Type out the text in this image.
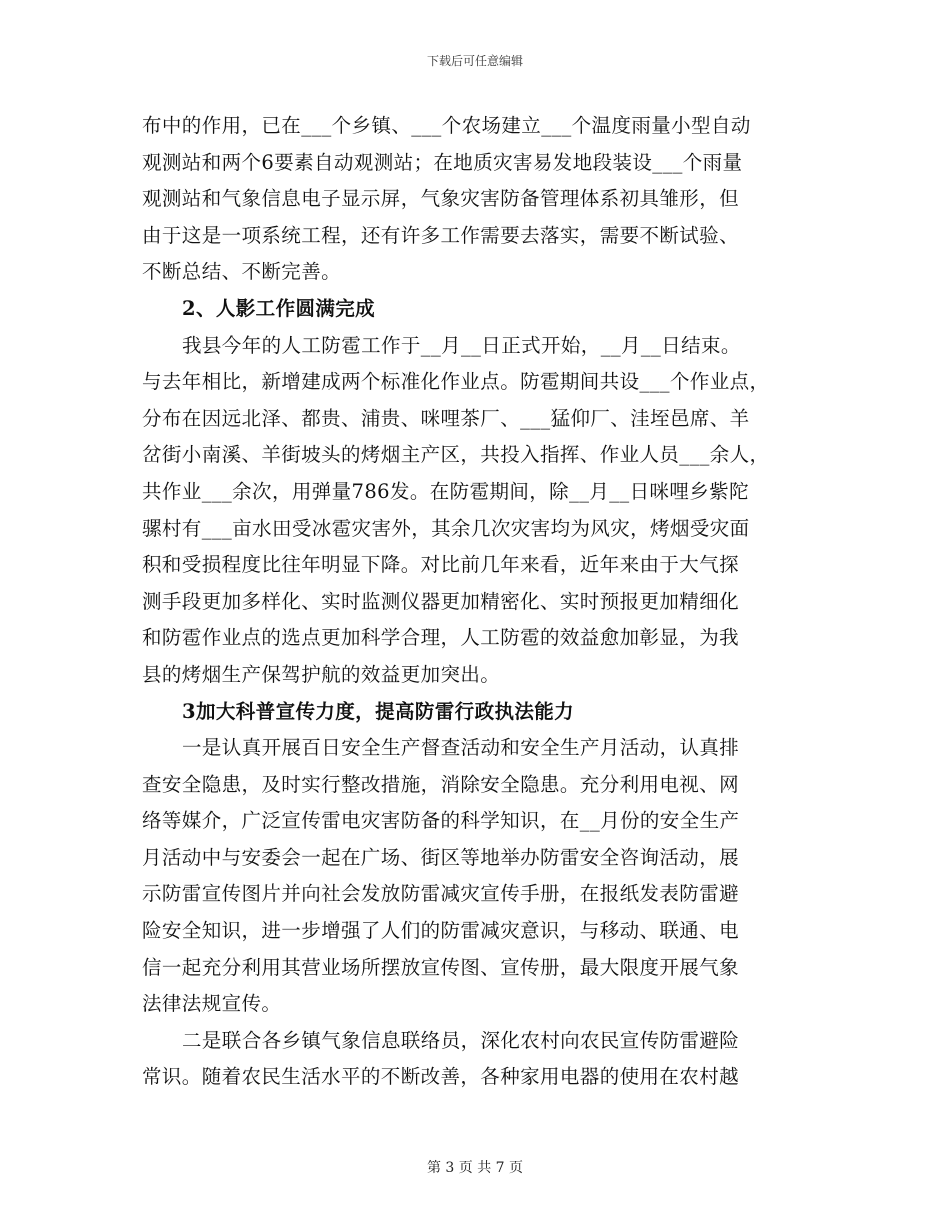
下载后可任意编辑
布中的作用，已在___个乡镇、___个农场建立___个温度雨量小型自动
观测站和两个6要素自动观测站；在地质灾害易发地段装设___个雨量
观测站和气象信息电子显示屏，气象灾害防备管理体系初具雏形，但
由于这是一项系统工程，还有许多工作需要去落实，需要不断试验、
不断总结、不断完善。
2、人影工作圆满完成
我县今年的人工防雹工作于__月__日正式开始，__月__日结束。
与去年相比，新增建成两个标准化作业点。防雹期间共设___个作业点，
分布在因远北泽、都贵、浦贵、咪哩茶厂、___猛仰厂、洼垤邑席、羊
岔街小南溪、羊街坡头的烤烟主产区，共投入指挥、作业人员___余人，
共作业___余次，用弹量786发。在防雹期间，除__月__日咪哩乡紫陀
骡村有___亩水田受冰雹灾害外，其余几次灾害均为风灾，烤烟受灾面
积和受损程度比往年明显下降。对比前几年来看，近年来由于大气探
测手段更加多样化、实时监测仪器更加精密化、实时预报更加精细化
和防雹作业点的选点更加科学合理，人工防雹的效益愈加彰显，为我
县的烤烟生产保驾护航的效益更加突出。
3加大科普宣传力度，提高防雷行政执法能力
一是认真开展百日安全生产督查活动和安全生产月活动，认真排
查安全隐患，及时实行整改措施，消除安全隐患。充分利用电视、网
络等媒介，广泛宣传雷电灾害防备的科学知识，在__月份的安全生产
月活动中与安委会一起在广场、街区等地举办防雷安全咨询活动，展
示防雷宣传图片并向社会发放防雷减灾宣传手册，在报纸发表防雷避
险安全知识，进一步增强了人们的防雷减灾意识，与移动、联通、电
信一起充分利用其营业场所摆放宣传图、宣传册，最大限度开展气象
法律法规宣传。
二是联合各乡镇气象信息联络员，深化农村向农民宣传防雷避险
常识。随着农民生活水平的不断改善，各种家用电器的使用在农村越
第 3 页 共 7 页
